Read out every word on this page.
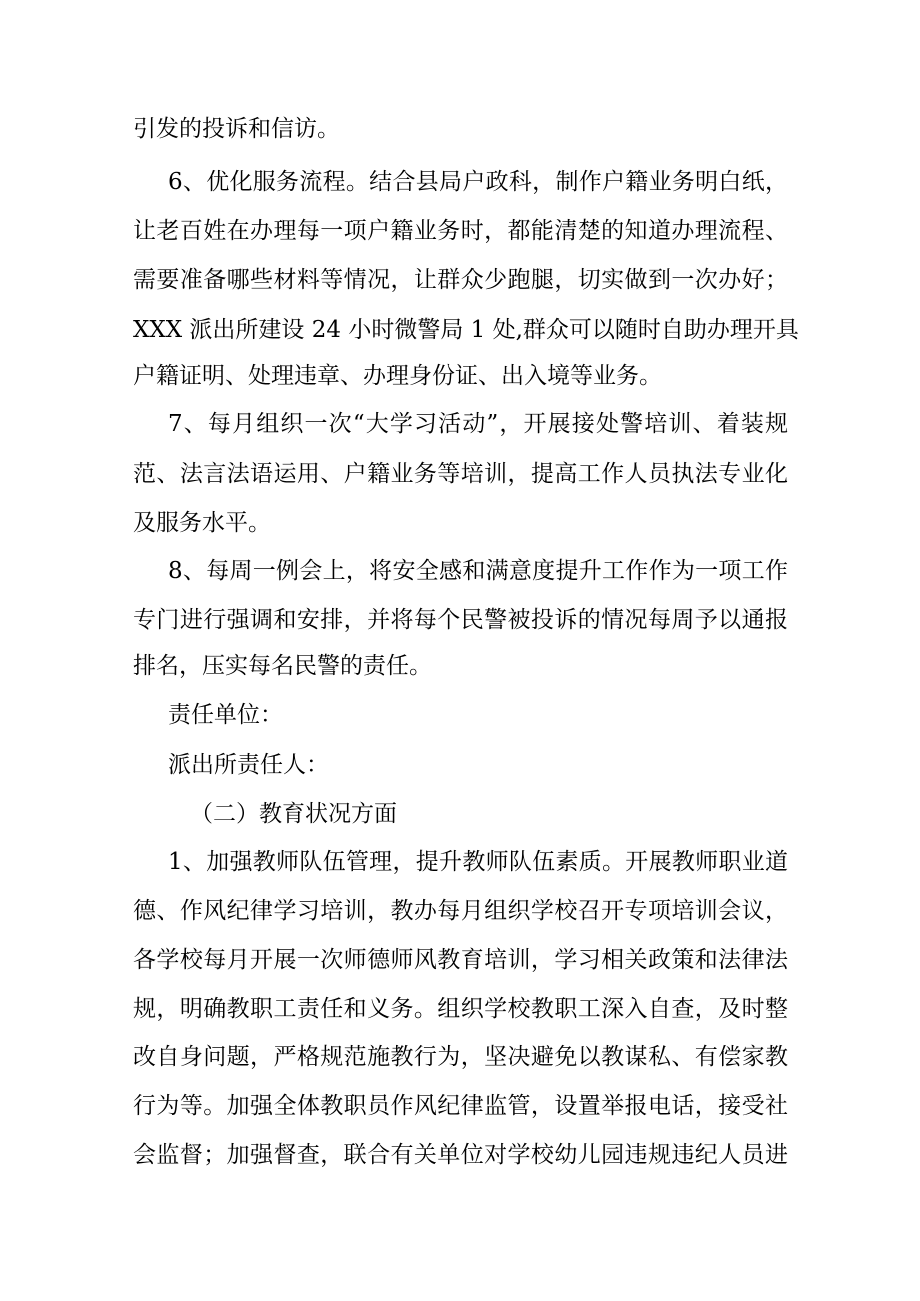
引发的投诉和信访。
6、优化服务流程。结合县局户政科，制作户籍业务明白纸，
让老百姓在办理每一项户籍业务时，都能清楚的知道办理流程、
需要准备哪些材料等情况，让群众少跑腿，切实做到一次办好；
XXX 派出所建设 24 小时微警局 1 处,群众可以随时自助办理开具
户籍证明、处理违章、办理身份证、出入境等业务。
7、每月组织一次“大学习活动”，开展接处警培训、着装规
范、法言法语运用、户籍业务等培训，提高工作人员执法专业化
及服务水平。
8、每周一例会上，将安全感和满意度提升工作作为一项工作
专门进行强调和安排，并将每个民警被投诉的情况每周予以通报
排名，压实每名民警的责任。
责任单位：
派出所责任人：
（二）教育状况方面
1、加强教师队伍管理，提升教师队伍素质。开展教师职业道
德、作风纪律学习培训，教办每月组织学校召开专项培训会议，
各学校每月开展一次师德师风教育培训，学习相关政策和法律法
规，明确教职工责任和义务。组织学校教职工深入自查，及时整
改自身问题，严格规范施教行为，坚决避免以教谋私、有偿家教
行为等。加强全体教职员作风纪律监管，设置举报电话，接受社
会监督；加强督查，联合有关单位对学校幼儿园违规违纪人员进
